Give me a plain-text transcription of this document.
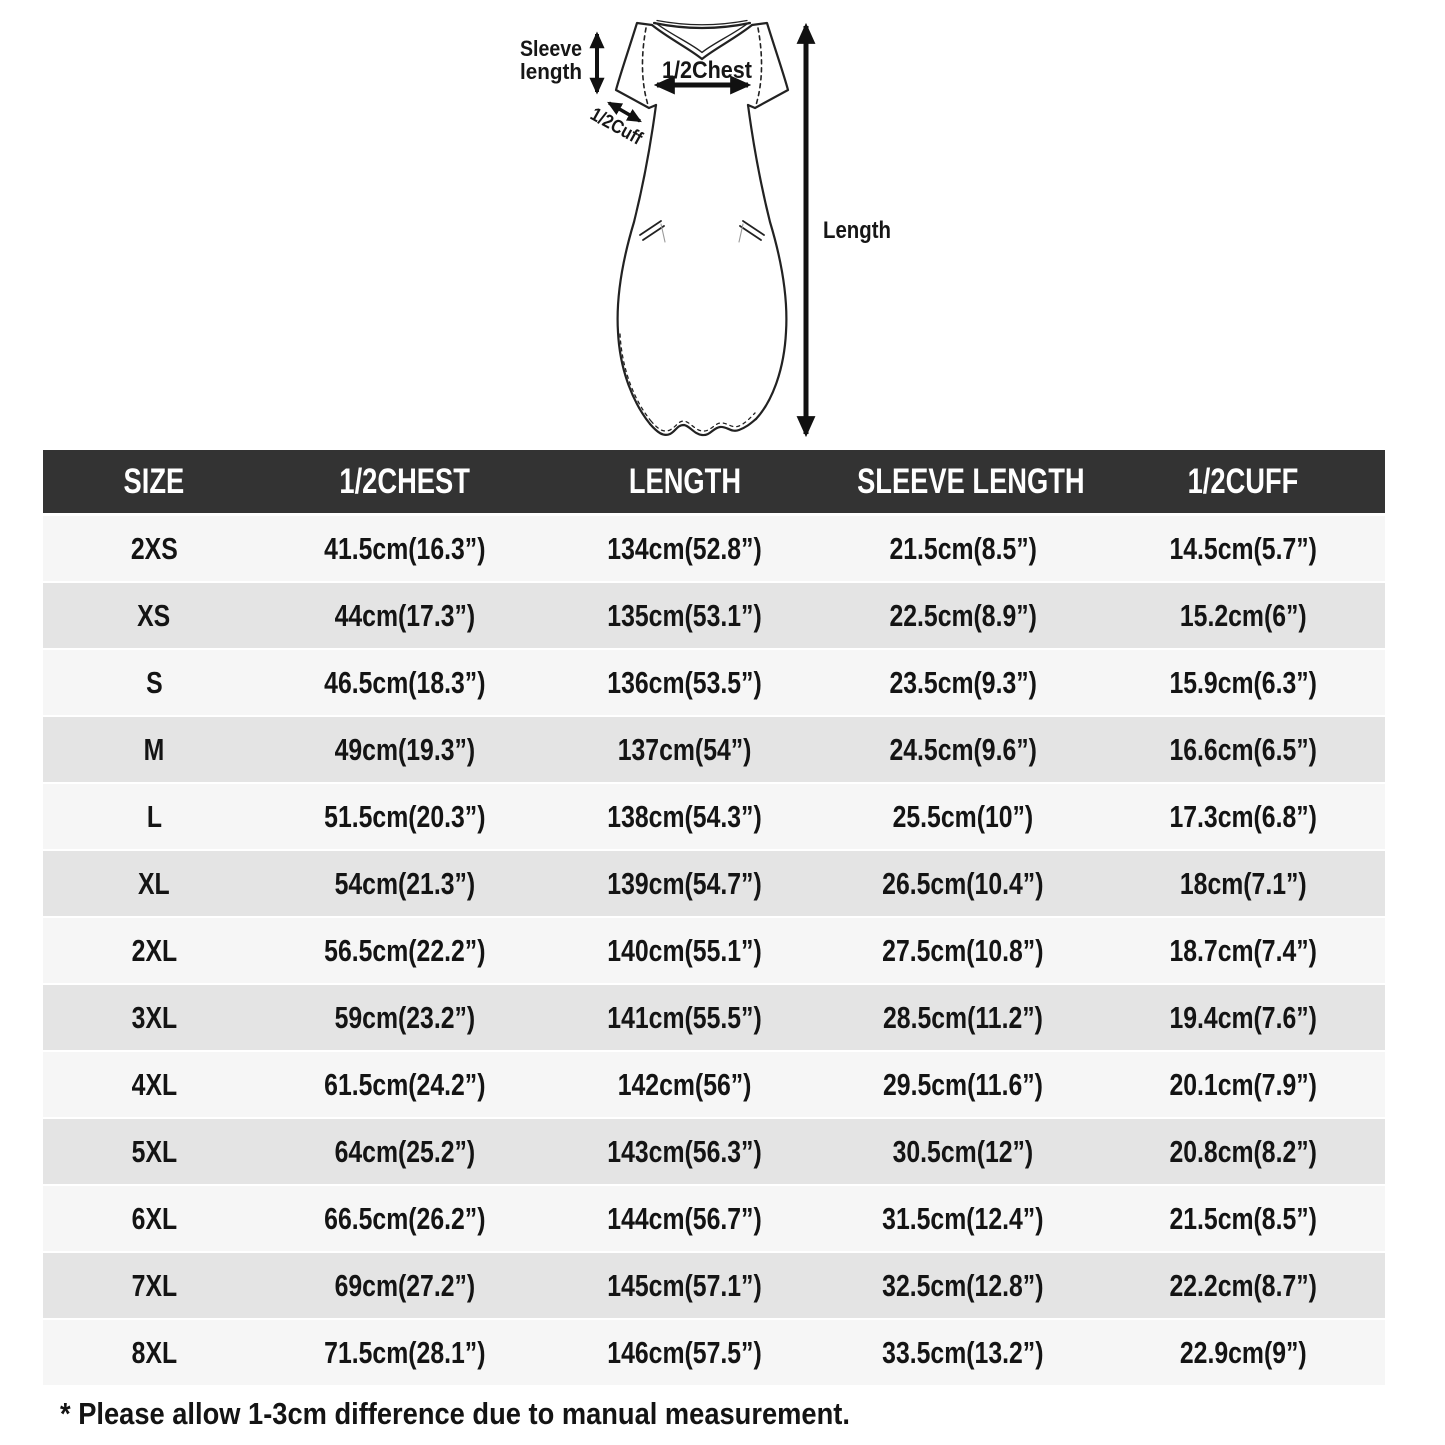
Sleeve
length	1/2Chest
1/2Cuff
Length
SIZE	1/2CHEST	LENGTH	SLEEVE LENGTH	1/2CUFF
2XS	41.5cm(16.3”)	134cm(52.8”)	21.5cm(8.5”)	14.5cm(5.7”)
XS	44cm(17.3”)	135cm(53.1”)	22.5cm(8.9”)	15.2cm(6”)
S	46.5cm(18.3”)	136cm(53.5”)	23.5cm(9.3”)	15.9cm(6.3”)
M	49cm(19.3”)	137cm(54”)	24.5cm(9.6”)	16.6cm(6.5”)
L	51.5cm(20.3”)	138cm(54.3”)	25.5cm(10”)	17.3cm(6.8”)
XL	54cm(21.3”)	139cm(54.7”)	26.5cm(10.4”)	18cm(7.1”)
2XL	56.5cm(22.2”)	140cm(55.1”)	27.5cm(10.8”)	18.7cm(7.4”)
3XL	59cm(23.2”)	141cm(55.5”)	28.5cm(11.2”)	19.4cm(7.6”)
4XL	61.5cm(24.2”)	142cm(56”)	29.5cm(11.6”)	20.1cm(7.9”)
5XL	64cm(25.2”)	143cm(56.3”)	30.5cm(12”)	20.8cm(8.2”)
6XL	66.5cm(26.2”)	144cm(56.7”)	31.5cm(12.4”)	21.5cm(8.5”)
7XL	69cm(27.2”)	145cm(57.1”)	32.5cm(12.8”)	22.2cm(8.7”)
8XL	71.5cm(28.1”)	146cm(57.5”)	33.5cm(13.2”)	22.9cm(9”)
* Please allow 1-3cm difference due to manual measurement.
